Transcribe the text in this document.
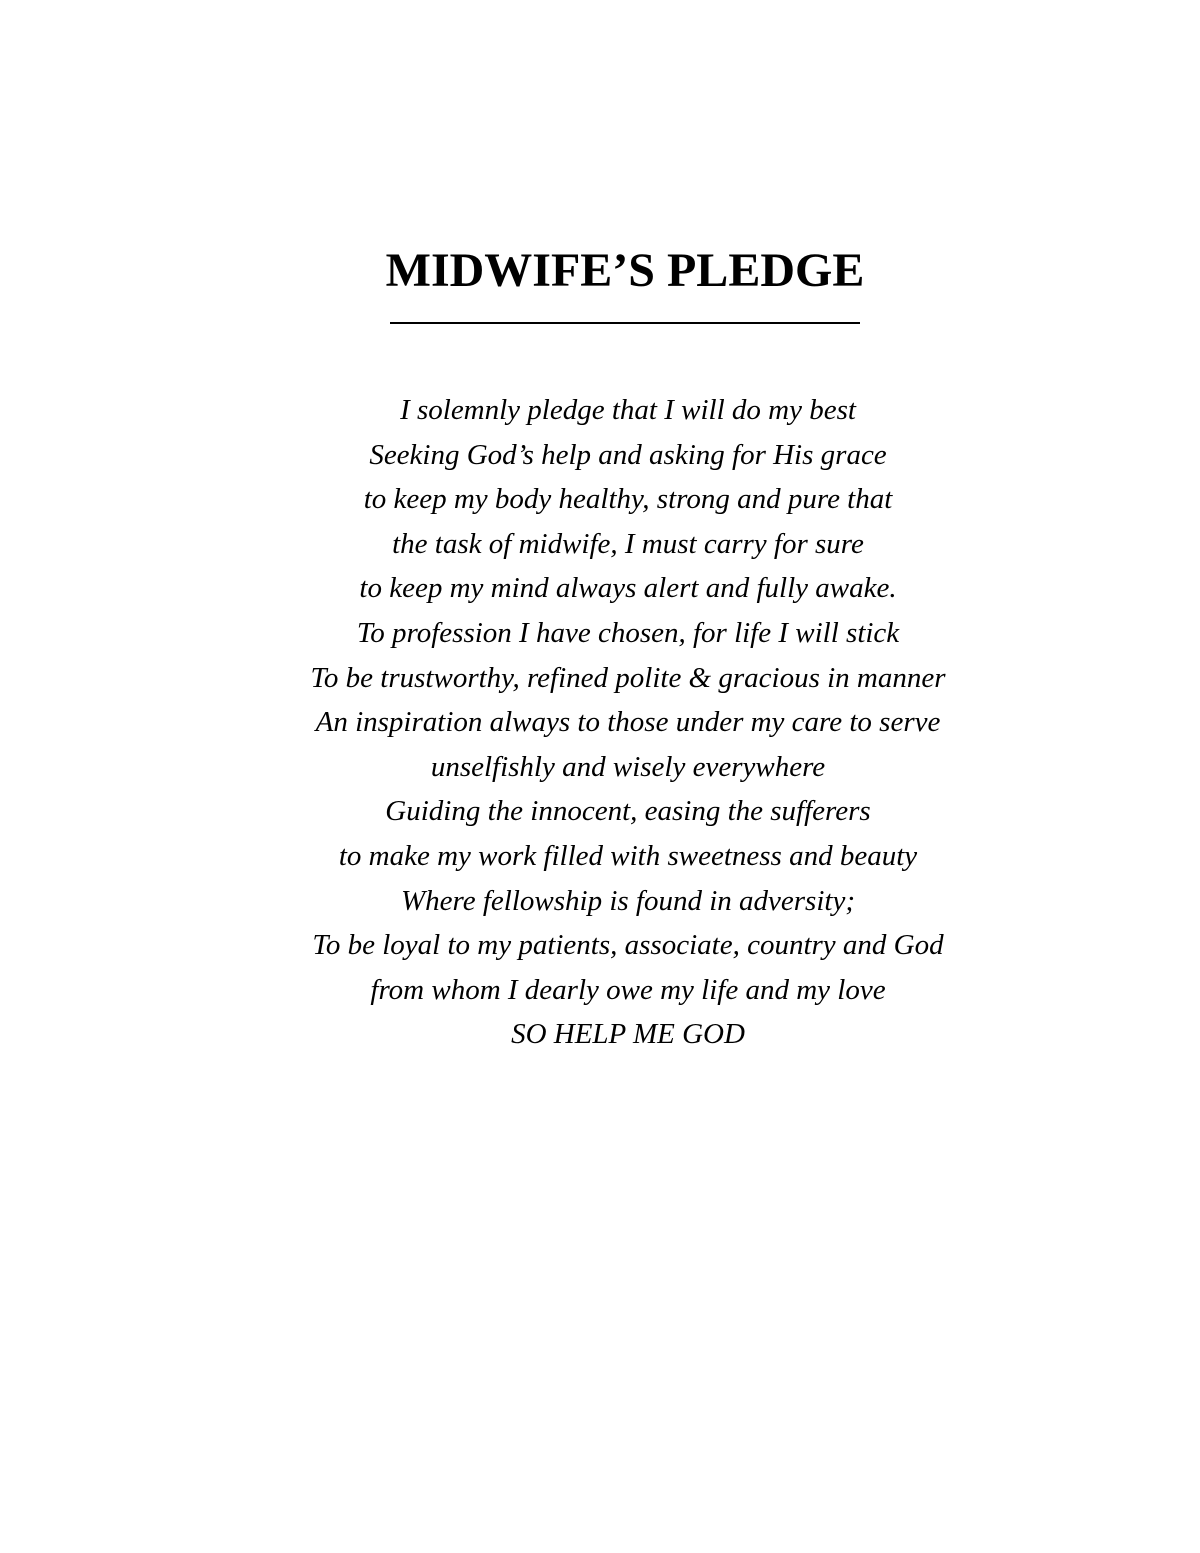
MIDWIFE’S PLEDGE
I solemnly pledge that I will do my best
Seeking God’s help and asking for His grace
to keep my body healthy, strong and pure that
the task of midwife, I must carry for sure
to keep my mind always alert and fully awake.
To profession I have chosen, for life I will stick
To be trustworthy, refined polite & gracious in manner
An inspiration always to those under my care to serve
unselfishly and wisely everywhere
Guiding the innocent, easing the sufferers
to make my work filled with sweetness and beauty
Where fellowship is found in adversity;
To be loyal to my patients, associate, country and God
from whom I dearly owe my life and my love
SO HELP ME GOD
